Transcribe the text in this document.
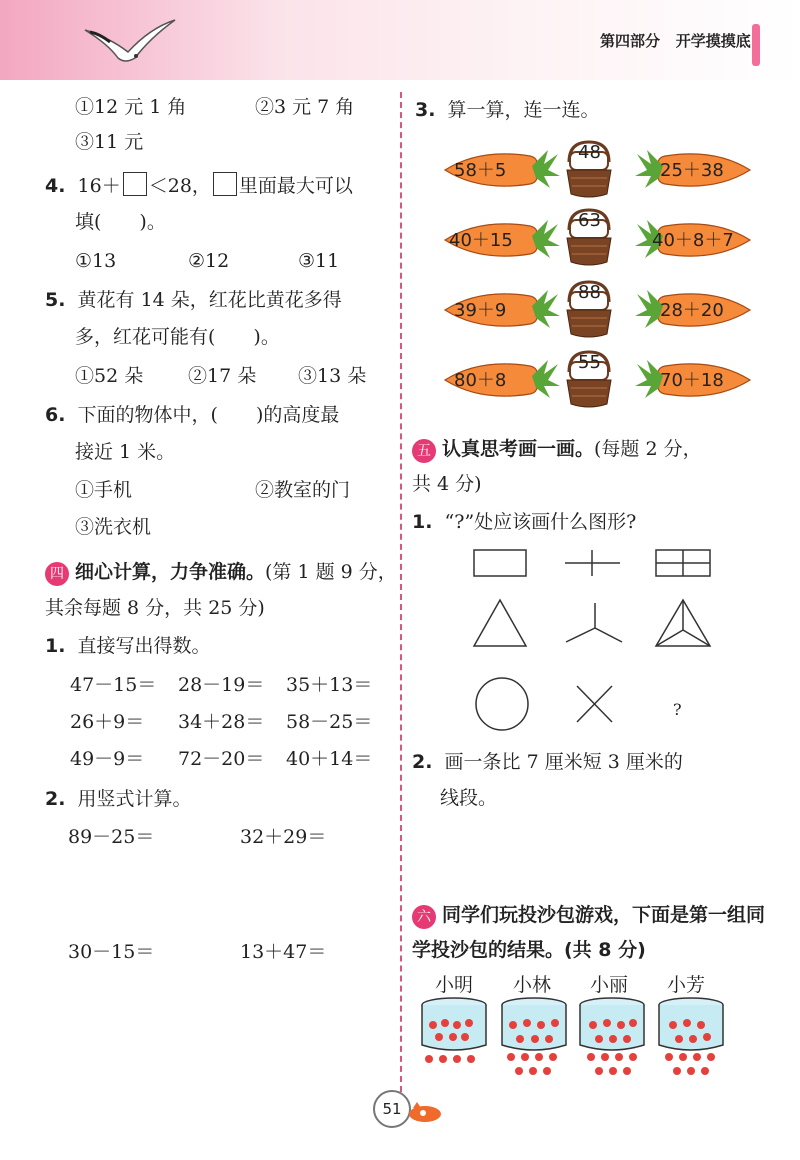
第四部分 开学摸摸底
①12 元 1 角	②3 元 7 角
③11 元
4. 16＋ ＜28， 里面最大可以
填(　　)。
①13	②12	③11
5. 黄花有 14 朵，红花比黄花多得
多，红花可能有(　　)。
①52 朵 ②17 朵 ③13 朵
6. 下面的物体中，(　　)的高度最
接近 1 米。
①手机	②教室的门
③洗衣机
四 细心计算，力争准确。(第 1 题 9 分，
其余每题 8 分，共 25 分)
1. 直接写出得数。
47－15＝ 28－19＝ 35＋13＝
26＋9＝ 34＋28＝ 58－25＝
49－9＝ 72－20＝ 40＋14＝
2. 用竖式计算。
89－25＝	32＋29＝
30－15＝	13＋47＝
3. 算一算，连一连。
58＋5
40＋15
39＋9
80＋8
48
63
88
55
25＋38
40＋8＋7
28＋20
70＋18
五 认真思考画一画。(每题 2 分，
共 4 分)
1. “?”处应该画什么图形?
?
2. 画一条比 7 厘米短 3 厘米的
线段。
六 同学们玩投沙包游戏，下面是第一组同
学投沙包的结果。(共 8 分)
小明 小林 小丽 小芳
51
